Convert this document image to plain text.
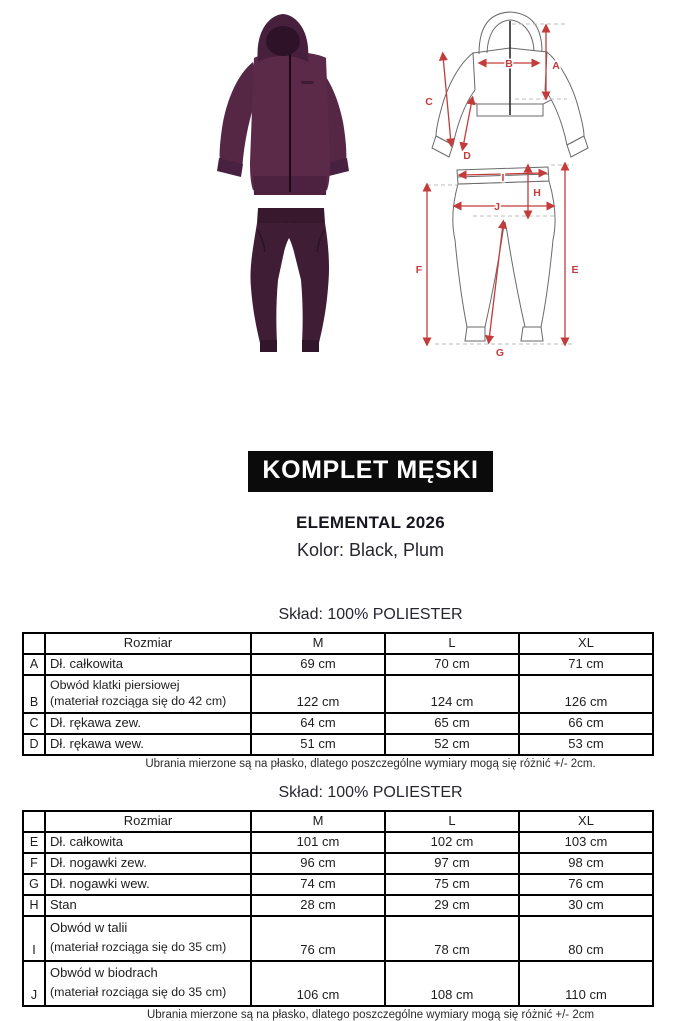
A
B
C
D
E
F
G
H
I
J
KOMPLET MĘSKI
ELEMENTAL 2026
Kolor: Black, Plum
Skład: 100% POLIESTER
	Rozmiar	M	L	XL
A	Dł. całkowita	69 cm	70 cm	71 cm
B	Obwód klatki piersiowej
(materiał rozciąga się do 42 cm)	122 cm	124 cm	126 cm
C	Dł. rękawa zew.	64 cm	65 cm	66 cm
D	Dł. rękawa wew.	51 cm	52 cm	53 cm
Ubrania mierzone są na płasko, dlatego poszczególne wymiary mogą się różnić +/- 2cm.
Skład: 100% POLIESTER
	Rozmiar	M	L	XL
E	Dł. całkowita	101 cm	102 cm	103 cm
F	Dł. nogawki zew.	96 cm	97 cm	98 cm
G	Dł. nogawki wew.	74 cm	75 cm	76 cm
H	Stan	28 cm	29 cm	30 cm
I	Obwód w talii
(materiał rozciąga się do 35 cm)	76 cm	78 cm	80 cm
J	Obwód w biodrach
(materiał rozciąga się do 35 cm)	106 cm	108 cm	110 cm
Ubrania mierzone są na płasko, dlatego poszczególne wymiary mogą się różnić +/- 2cm
